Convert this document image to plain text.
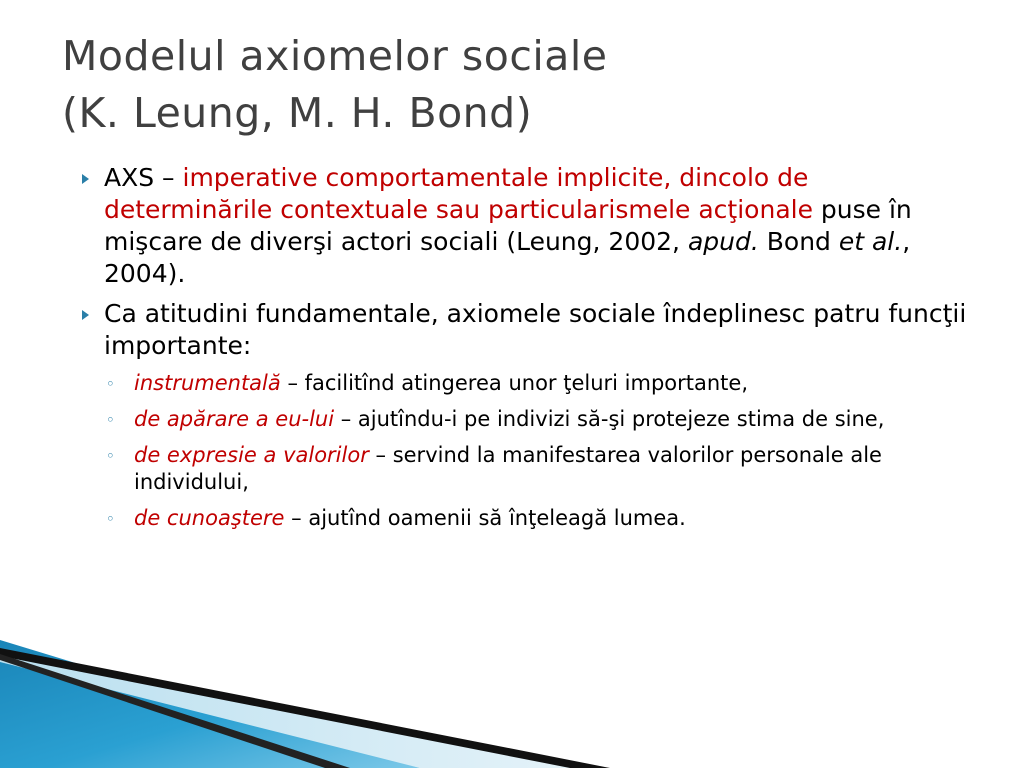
Modelul axiomelor sociale
(K. Leung, M. H. Bond)
AXS – imperative comportamentale implicite, dincolo de determinările contextuale sau particularismele acţionale puse în mişcare de diverşi actori sociali (Leung, 2002, apud. Bond et al., 2004).
Ca atitudini fundamentale, axiomele sociale îndeplinesc patru funcţii importante:
◦ instrumentală – facilitînd atingerea unor ţeluri importante,
◦ de apărare a eu-lui – ajutîndu-i pe indivizi să-şi protejeze stima de sine,
◦ de expresie a valorilor – servind la manifestarea valorilor personale ale individului,
◦ de cunoaştere – ajutînd oamenii să înţeleagă lumea.
